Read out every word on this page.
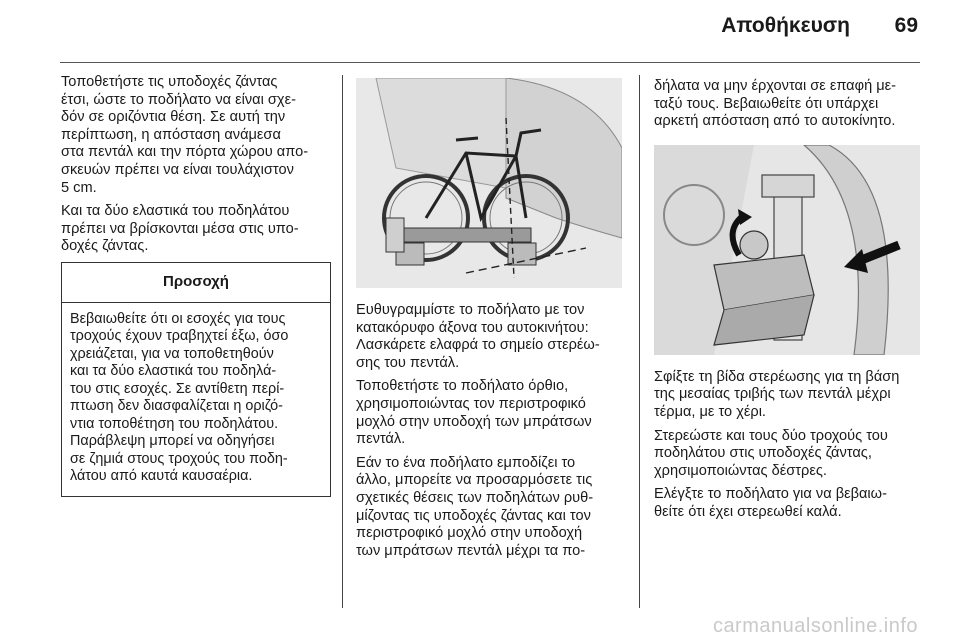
Αποθήκευση 69

Τοποθετήστε τις υποδοχές ζάντας
έτσι, ώστε το ποδήλατο να είναι σχε-
δόν σε οριζόντια θέση. Σε αυτή την
περίπτωση, η απόσταση ανάμεσα
στα πεντάλ και την πόρτα χώρου απο-
σκευών πρέπει να είναι τουλάχιστον
5 cm.

Και τα δύο ελαστικά του ποδηλάτου
πρέπει να βρίσκονται μέσα στις υπο-
δοχές ζάντας.

Προσοχή
Βεβαιωθείτε ότι οι εσοχές για τους
τροχούς έχουν τραβηχτεί έξω, όσο
χρειάζεται, για να τοποθετηθούν
και τα δύο ελαστικά του ποδηλά-
του στις εσοχές. Σε αντίθετη περί-
πτωση δεν διασφαλίζεται η οριζό-
ντια τοποθέτηση του ποδηλάτου.
Παράβλεψη μπορεί να οδηγήσει
σε ζημιά στους τροχούς του ποδη-
λάτου από καυτά καυσαέρια.

Ευθυγραμμίστε το ποδήλατο με τον
κατακόρυφο άξονα του αυτοκινήτου:
Λασκάρετε ελαφρά το σημείο στερέω-
σης του πεντάλ.

Τοποθετήστε το ποδήλατο όρθιο,
χρησιμοποιώντας τον περιστροφικό
μοχλό στην υποδοχή των μπράτσων
πεντάλ.

Εάν το ένα ποδήλατο εμποδίζει το
άλλο, μπορείτε να προσαρμόσετε τις
σχετικές θέσεις των ποδηλάτων ρυθ-
μίζοντας τις υποδοχές ζάντας και τον
περιστροφικό μοχλό στην υποδοχή
των μπράτσων πεντάλ μέχρι τα πο-

δήλατα να μην έρχονται σε επαφή με-
ταξύ τους. Βεβαιωθείτε ότι υπάρχει
αρκετή απόσταση από το αυτοκίνητο.

Σφίξτε τη βίδα στερέωσης για τη βάση
της μεσαίας τριβής των πεντάλ μέχρι
τέρμα, με το χέρι.

Στερεώστε και τους δύο τροχούς του
ποδηλάτου στις υποδοχές ζάντας,
χρησιμοποιώντας δέστρες.

Ελέγξτε το ποδήλατο για να βεβαιω-
θείτε ότι έχει στερεωθεί καλά.

carmanualsonline.info
